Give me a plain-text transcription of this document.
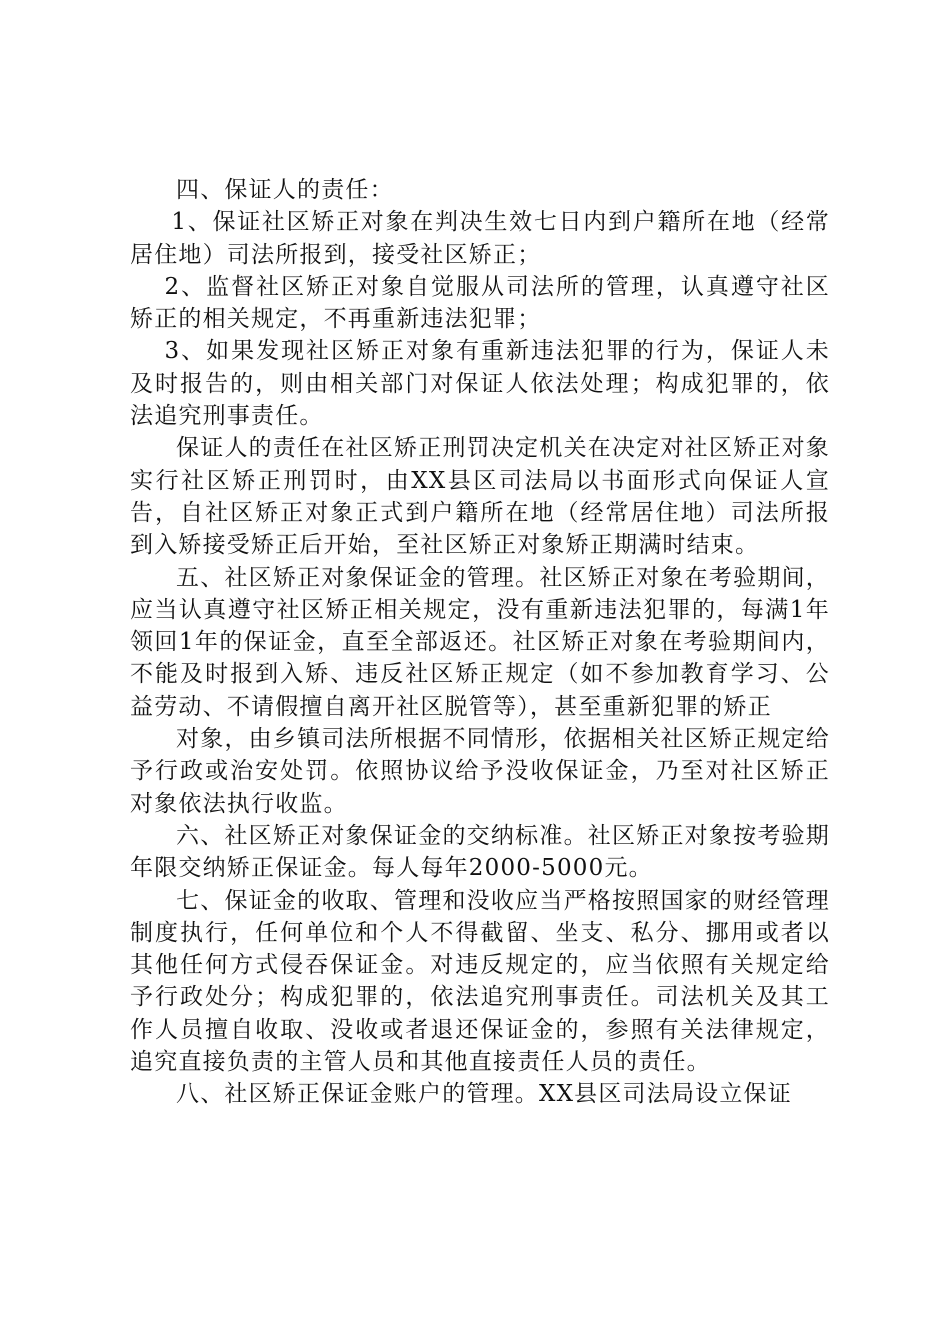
四、保证人的责任：

1、保证社区矫正对象在判决生效七日内到户籍所在地（经常居住地）司法所报到，接受社区矫正；

2、监督社区矫正对象自觉服从司法所的管理，认真遵守社区矫正的相关规定，不再重新违法犯罪；

3、如果发现社区矫正对象有重新违法犯罪的行为，保证人未及时报告的，则由相关部门对保证人依法处理；构成犯罪的，依法追究刑事责任。

保证人的责任在社区矫正刑罚决定机关在决定对社区矫正对象实行社区矫正刑罚时，由XX县区司法局以书面形式向保证人宣告，自社区矫正对象正式到户籍所在地（经常居住地）司法所报到入矫接受矫正后开始，至社区矫正对象矫正期满时结束。

五、社区矫正对象保证金的管理。社区矫正对象在考验期间，应当认真遵守社区矫正相关规定，没有重新违法犯罪的，每满1年领回1年的保证金，直至全部返还。社区矫正对象在考验期间内，不能及时报到入矫、违反社区矫正规定（如不参加教育学习、公益劳动、不请假擅自离开社区脱管等），甚至重新犯罪的矫正

对象，由乡镇司法所根据不同情形，依据相关社区矫正规定给予行政或治安处罚。依照协议给予没收保证金，乃至对社区矫正对象依法执行收监。

六、社区矫正对象保证金的交纳标准。社区矫正对象按考验期年限交纳矫正保证金。每人每年2000-5000元。

七、保证金的收取、管理和没收应当严格按照国家的财经管理制度执行，任何单位和个人不得截留、坐支、私分、挪用或者以其他任何方式侵吞保证金。对违反规定的，应当依照有关规定给予行政处分；构成犯罪的，依法追究刑事责任。司法机关及其工作人员擅自收取、没收或者退还保证金的，参照有关法律规定，追究直接负责的主管人员和其他直接责任人员的责任。

八、社区矫正保证金账户的管理。XX县区司法局设立保证
